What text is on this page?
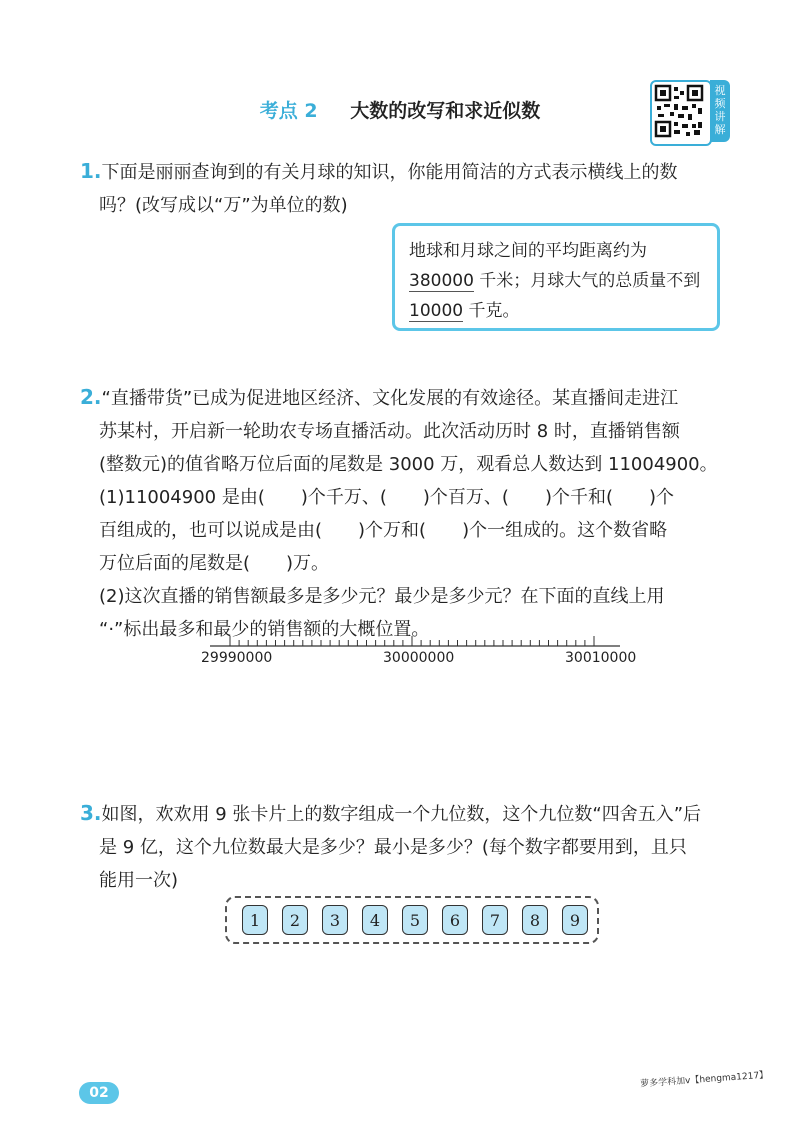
考点 2 大数的改写和求近似数
视频讲解
1.下面是丽丽查询到的有关月球的知识，你能用简洁的方式表示横线上的数
吗？(改写成以“万”为单位的数)
地球和月球之间的平均距离约为
380000 千米；月球大气的总质量不到
10000 千克。
2.“直播带货”已成为促进地区经济、文化发展的有效途径。某直播间走进江
苏某村，开启新一轮助农专场直播活动。此次活动历时 8 时，直播销售额
(整数元)的值省略万位后面的尾数是 3000 万，观看总人数达到 11004900。
(1)11004900 是由(　　)个千万、(　　)个百万、(　　)个千和(　　)个
百组成的，也可以说成是由(　　)个万和(　　)个一组成的。这个数省略
万位后面的尾数是(　　)万。
(2)这次直播的销售额最多是多少元？最少是多少元？在下面的直线上用
“·”标出最多和最少的销售额的大概位置。
29990000	30000000	30010000
3.如图，欢欢用 9 张卡片上的数字组成一个九位数，这个九位数“四舍五入”后
是 9 亿，这个九位数最大是多少？最小是多少？(每个数字都要用到，且只
能用一次)
1	2	3	4	5	6	7	8	9
02
萝多学科加v【hengma1217】
